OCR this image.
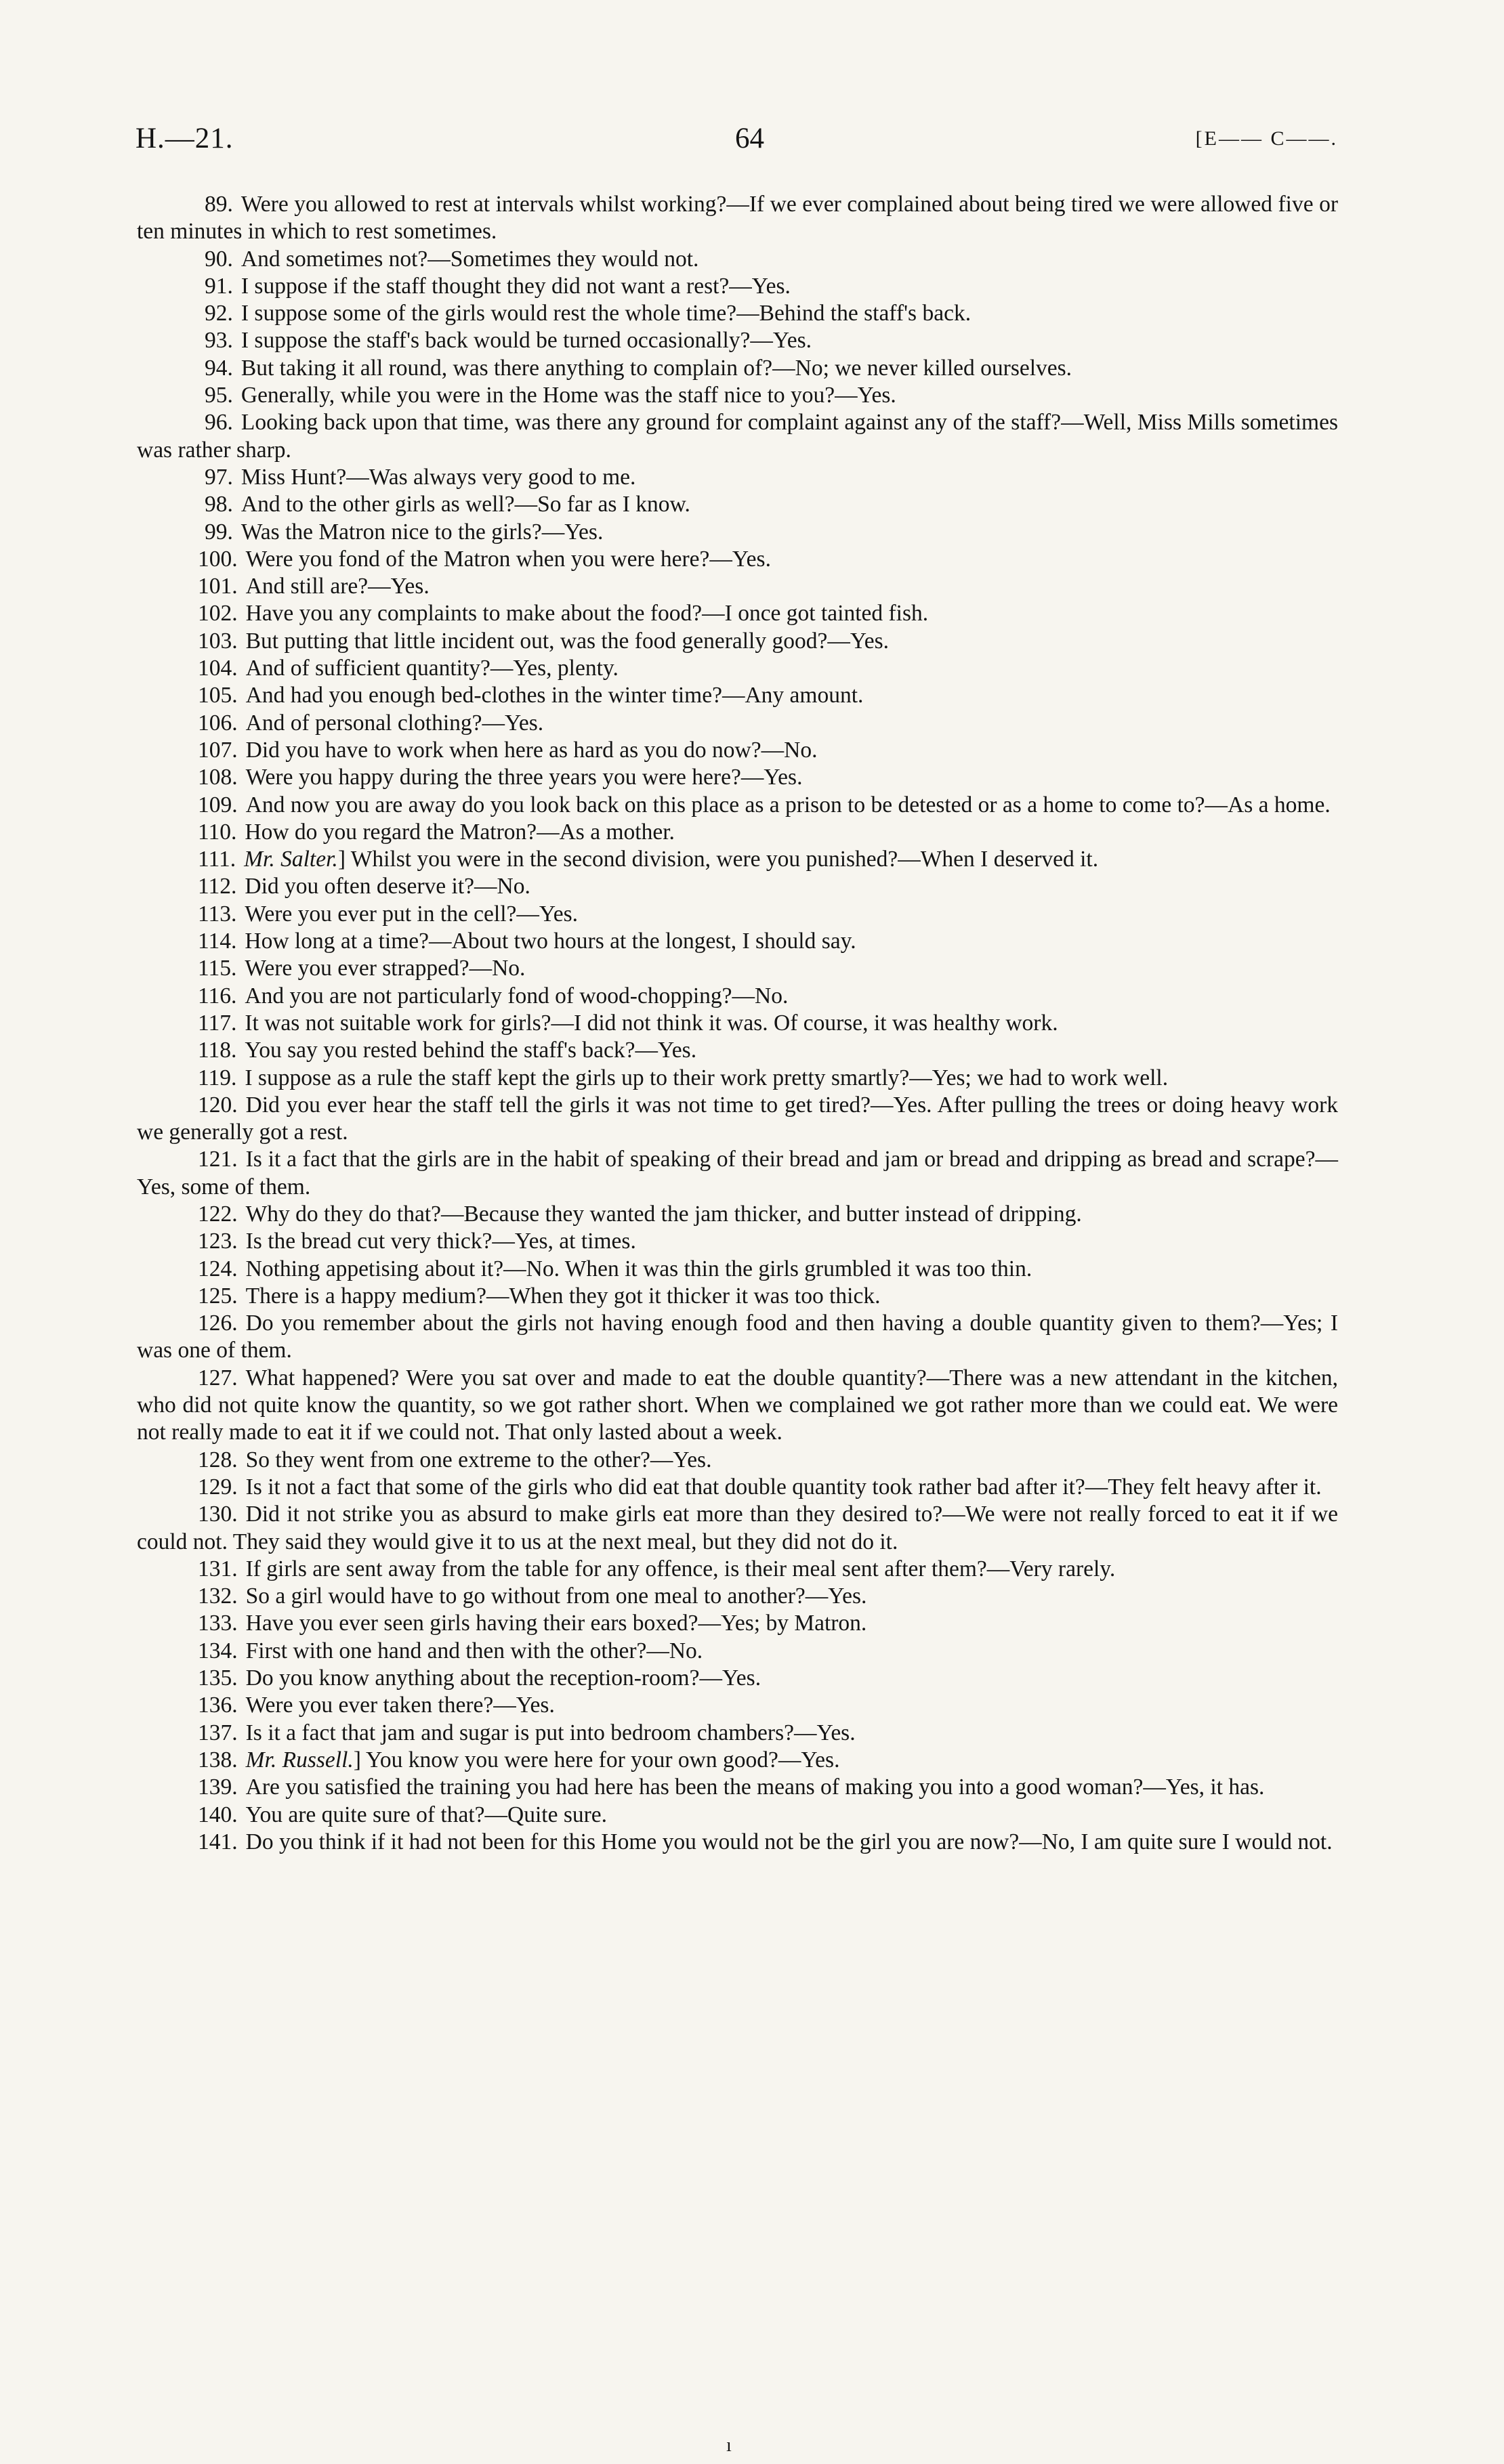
H.—21.	64	[E—— C——.

89. Were you allowed to rest at intervals whilst working?—If we ever complained about being tired we were allowed five or ten minutes in which to rest sometimes.

90. And sometimes not?—Sometimes they would not.

91. I suppose if the staff thought they did not want a rest?—Yes.

92. I suppose some of the girls would rest the whole time?—Behind the staff's back.

93. I suppose the staff's back would be turned occasionally?—Yes.

94. But taking it all round, was there anything to complain of?—No; we never killed ourselves.

95. Generally, while you were in the Home was the staff nice to you?—Yes.

96. Looking back upon that time, was there any ground for complaint against any of the staff?—Well, Miss Mills sometimes was rather sharp.

97. Miss Hunt?—Was always very good to me.

98. And to the other girls as well?—So far as I know.

99. Was the Matron nice to the girls?—Yes.

100. Were you fond of the Matron when you were here?—Yes.

101. And still are?—Yes.

102. Have you any complaints to make about the food?—I once got tainted fish.

103. But putting that little incident out, was the food generally good?—Yes.

104. And of sufficient quantity?—Yes, plenty.

105. And had you enough bed-clothes in the winter time?—Any amount.

106. And of personal clothing?—Yes.

107. Did you have to work when here as hard as you do now?—No.

108. Were you happy during the three years you were here?—Yes.

109. And now you are away do you look back on this place as a prison to be detested or as a home to come to?—As a home.

110. How do you regard the Matron?—As a mother.

111. Mr. Salter.] Whilst you were in the second division, were you punished?—When I deserved it.

112. Did you often deserve it?—No.

113. Were you ever put in the cell?—Yes.

114. How long at a time?—About two hours at the longest, I should say.

115. Were you ever strapped?—No.

116. And you are not particularly fond of wood-chopping?—No.

117. It was not suitable work for girls?—I did not think it was. Of course, it was healthy work.

118. You say you rested behind the staff's back?—Yes.

119. I suppose as a rule the staff kept the girls up to their work pretty smartly?—Yes; we had to work well.

120. Did you ever hear the staff tell the girls it was not time to get tired?—Yes. After pulling the trees or doing heavy work we generally got a rest.

121. Is it a fact that the girls are in the habit of speaking of their bread and jam or bread and dripping as bread and scrape?—Yes, some of them.

122. Why do they do that?—Because they wanted the jam thicker, and butter instead of dripping.

123. Is the bread cut very thick?—Yes, at times.

124. Nothing appetising about it?—No. When it was thin the girls grumbled it was too thin.

125. There is a happy medium?—When they got it thicker it was too thick.

126. Do you remember about the girls not having enough food and then having a double quantity given to them?—Yes; I was one of them.

127. What happened? Were you sat over and made to eat the double quantity?—There was a new attendant in the kitchen, who did not quite know the quantity, so we got rather short. When we complained we got rather more than we could eat. We were not really made to eat it if we could not. That only lasted about a week.

128. So they went from one extreme to the other?—Yes.

129. Is it not a fact that some of the girls who did eat that double quantity took rather bad after it?—They felt heavy after it.

130. Did it not strike you as absurd to make girls eat more than they desired to?—We were not really forced to eat it if we could not. They said they would give it to us at the next meal, but they did not do it.

131. If girls are sent away from the table for any offence, is their meal sent after them?—Very rarely.

132. So a girl would have to go without from one meal to another?—Yes.

133. Have you ever seen girls having their ears boxed?—Yes; by Matron.

134. First with one hand and then with the other?—No.

135. Do you know anything about the reception-room?—Yes.

136. Were you ever taken there?—Yes.

137. Is it a fact that jam and sugar is put into bedroom chambers?—Yes.

138. Mr. Russell.] You know you were here for your own good?—Yes.

139. Are you satisfied the training you had here has been the means of making you into a good woman?—Yes, it has.

140. You are quite sure of that?—Quite sure.

141. Do you think if it had not been for this Home you would not be the girl you are now?—No, I am quite sure I would not.

ı
